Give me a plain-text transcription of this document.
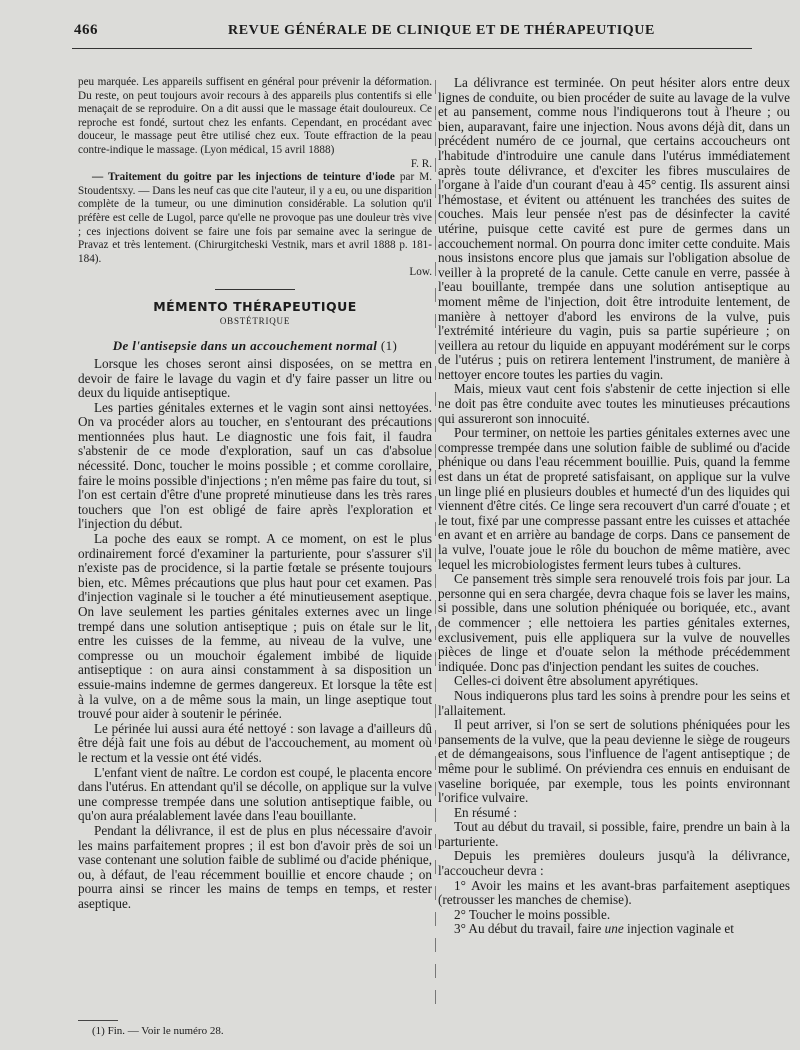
466	REVUE GÉNÉRALE DE CLINIQUE ET DE THÉRAPEUTIQUE

peu marquée. Les appareils suffisent en général pour prévenir la déformation. Du reste, on peut toujours avoir recours à des appareils plus contentifs si elle menaçait de se reproduire. On a dit aussi que le massage était douloureux. Ce reproche est fondé, surtout chez les enfants. Cependant, en procédant avec douceur, le massage peut être utilisé chez eux. Toute effraction de la peau contre-indique le massage. (Lyon médical, 15 avril 1888)

F. R.

— Traitement du goitre par les injections de teinture d'iode par M. Stoudentsxy. — Dans les neuf cas que cite l'auteur, il y a eu, ou une disparition complète de la tumeur, ou une diminution considérable. La solution qu'il préfère est celle de Lugol, parce qu'elle ne provoque pas une douleur très vive ; ces injections doivent se faire une fois par semaine avec la seringue de Pravaz et très lentement. (Chirurgitcheski Vestnik, mars et avril 1888 p. 181-184).

Low.
MÉMENTO THÉRAPEUTIQUE
OBSTÉTRIQUE
De l'antisepsie dans un accouchement normal (1)

Lorsque les choses seront ainsi disposées, on se mettra en devoir de faire le lavage du vagin et d'y faire passer un litre ou deux du liquide antiseptique.

Les parties génitales externes et le vagin sont ainsi nettoyées. On va procéder alors au toucher, en s'entourant des précautions mentionnées plus haut. Le diagnostic une fois fait, il faudra s'abstenir de ce mode d'exploration, sauf un cas d'absolue nécessité. Donc, toucher le moins possible ; et comme corollaire, faire le moins possible d'injections ; n'en même pas faire du tout, si l'on est certain d'être d'une propreté minutieuse dans les très rares touchers que l'on est obligé de faire après l'exploration et l'injection du début.

La poche des eaux se rompt. A ce moment, on est le plus ordinairement forcé d'examiner la parturiente, pour s'assurer s'il n'existe pas de procidence, si la partie fœtale se présente toujours bien, etc. Mêmes précautions que plus haut pour cet examen. Pas d'injection vaginale si le toucher a été minutieusement aseptique. On lave seulement les parties génitales externes avec un linge trempé dans une solution antiseptique ; puis on étale sur le lit, entre les cuisses de la femme, au niveau de la vulve, une compresse ou un mouchoir également imbibé de liquide antiseptique : on aura ainsi constamment à sa disposition un essuie-mains indemne de germes dangereux. Et lorsque la tête est à la vulve, on a de même sous la main, un linge aseptique tout trouvé pour aider à soutenir le périnée.

Le périnée lui aussi aura été nettoyé : son lavage a d'ailleurs dû être déjà fait une fois au début de l'accouchement, au moment où le rectum et la vessie ont été vidés.

L'enfant vient de naître. Le cordon est coupé, le placenta encore dans l'utérus. En attendant qu'il se décolle, on applique sur la vulve une compresse trempée dans une solution antiseptique faible, ou qu'on aura préalablement lavée dans l'eau bouillante.

Pendant la délivrance, il est de plus en plus nécessaire d'avoir les mains parfaitement propres ; il est bon d'avoir près de soi un vase contenant une solution faible de sublimé ou d'acide phénique, ou, à défaut, de l'eau récemment bouillie et encore chaude ; on pourra ainsi se rincer les mains de temps en temps, et rester aseptique.

La délivrance est terminée. On peut hésiter alors entre deux lignes de conduite, ou bien procéder de suite au lavage de la vulve et au pansement, comme nous l'indiquerons tout à l'heure ; ou bien, auparavant, faire une injection. Nous avons déjà dit, dans un précédent numéro de ce journal, que certains accoucheurs ont l'habitude d'introduire une canule dans l'utérus immédiatement après toute délivrance, et d'exciter les fibres musculaires de l'organe à l'aide d'un courant d'eau à 45° centig. Ils assurent ainsi l'hémostase, et évitent ou atténuent les tranchées des suites de couches. Mais leur pensée n'est pas de désinfecter la cavité utérine, puisque cette cavité est pure de germes dans un accouchement normal. On pourra donc imiter cette conduite. Mais nous insistons encore plus que jamais sur l'obligation absolue de veiller à la propreté de la canule. Cette canule en verre, passée à l'eau bouillante, trempée dans une solution antiseptique au moment même de l'injection, doit être introduite lentement, de manière à nettoyer d'abord les environs de la vulve, puis l'extrémité intérieure du vagin, puis sa partie supérieure ; on veillera au retour du liquide en appuyant modérément sur le corps de l'utérus ; puis on retirera lentement l'instrument, de manière à nettoyer encore toutes les parties du vagin.

Mais, mieux vaut cent fois s'abstenir de cette injection si elle ne doit pas être conduite avec toutes les minutieuses précautions qui assureront son innocuité.

Pour terminer, on nettoie les parties génitales externes avec une compresse trempée dans une solution faible de sublimé ou d'acide phénique ou dans l'eau récemment bouillie. Puis, quand la femme est dans un état de propreté satisfaisant, on applique sur la vulve un linge plié en plusieurs doubles et humecté d'un des liquides qui viennent d'être cités. Ce linge sera recouvert d'un carré d'ouate ; et le tout, fixé par une compresse passant entre les cuisses et attachée en avant et en arrière au bandage de corps. Dans ce pansement de la vulve, l'ouate joue le rôle du bouchon de même matière, avec lequel les microbiologistes ferment leurs tubes à cultures.

Ce pansement très simple sera renouvelé trois fois par jour. La personne qui en sera chargée, devra chaque fois se laver les mains, si possible, dans une solution phéniquée ou boriquée, etc., avant de commencer ; elle nettoiera les parties génitales externes, exclusivement, puis elle appliquera sur la vulve de nouvelles pièces de linge et d'ouate selon la méthode précédemment indiquée. Donc pas d'injection pendant les suites de couches.

Celles-ci doivent être absolument apyrétiques.

Nous indiquerons plus tard les soins à prendre pour les seins et l'allaitement.

Il peut arriver, si l'on se sert de solutions phéniquées pour les pansements de la vulve, que la peau devienne le siège de rougeurs et de démangeaisons, sous l'influence de l'agent antiseptique ; de même pour le sublimé. On préviendra ces ennuis en enduisant de vaseline boriquée, par exemple, tous les points environnant l'orifice vulvaire.

En résumé :

Tout au début du travail, si possible, faire, prendre un bain à la parturiente.

Depuis les premières douleurs jusqu'à la délivrance, l'accoucheur devra :

1° Avoir les mains et les avant-bras parfaitement aseptiques (retrousser les manches de chemise).

2° Toucher le moins possible.

3° Au début du travail, faire une injection vaginale et

(1) Fin. — Voir le numéro 28.
